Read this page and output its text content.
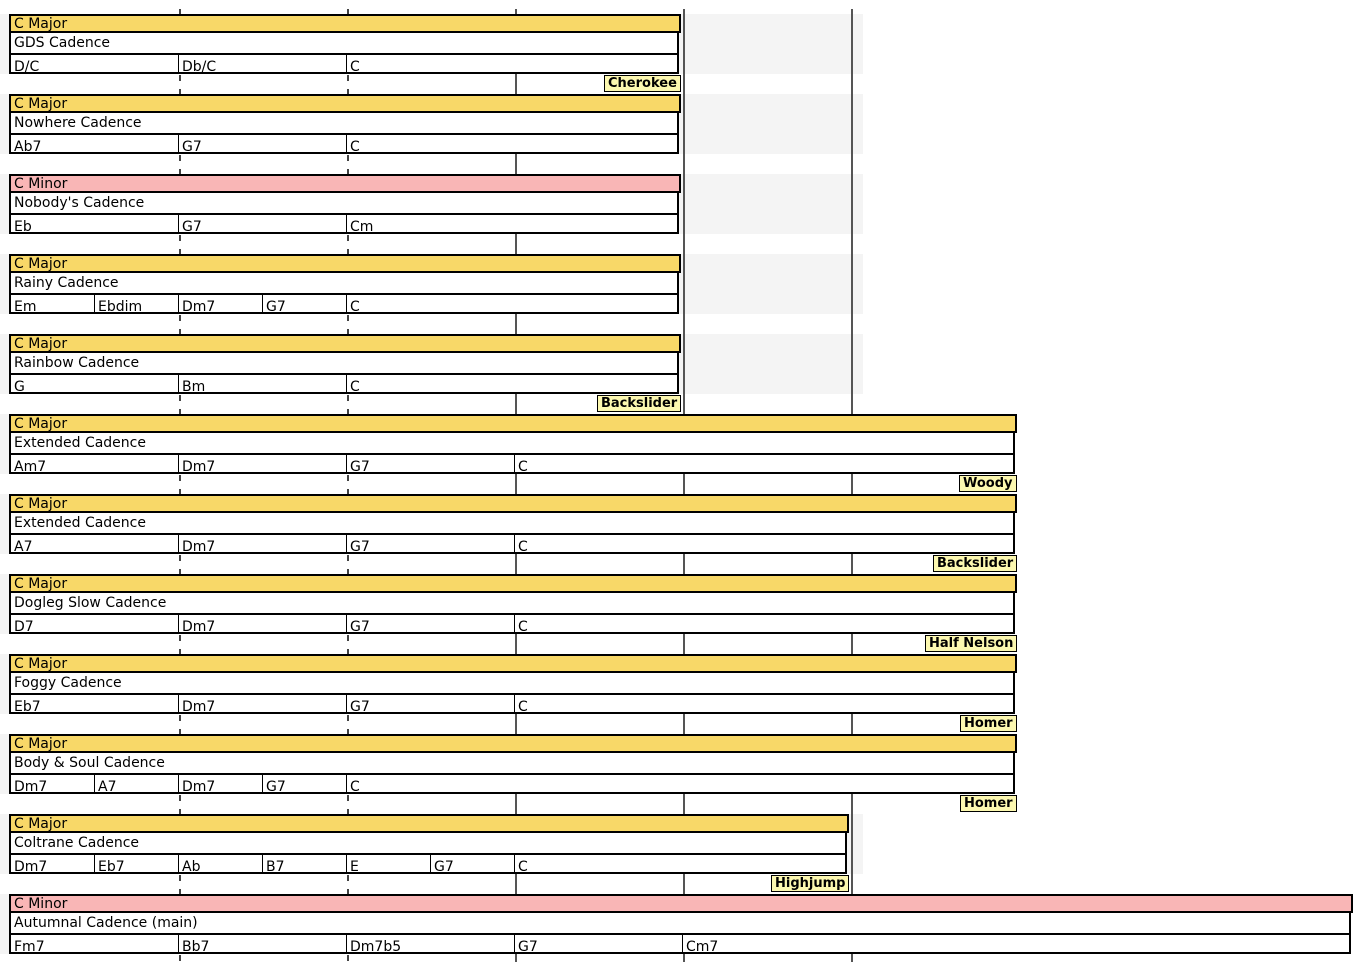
C Major
GDS Cadence
D/C	Db/C	C
Cherokee
C Major
Nowhere Cadence
Ab7	G7	C
C Minor
Nobody's Cadence
Eb	G7	Cm
C Major
Rainy Cadence
Em	Ebdim	Dm7	G7	C
C Major
Rainbow Cadence
G	Bm	C
Backslider
C Major
Extended Cadence
Am7	Dm7	G7	C
Woody
C Major
Extended Cadence
A7	Dm7	G7	C
Backslider
C Major
Dogleg Slow Cadence
D7	Dm7	G7	C
Half Nelson
C Major
Foggy Cadence
Eb7	Dm7	G7	C
Homer
C Major
Body & Soul Cadence
Dm7	A7	Dm7	G7	C
Homer
C Major
Coltrane Cadence
Dm7	Eb7	Ab	B7	E	G7	C
Highjump
C Minor
Autumnal Cadence (main)
Fm7	Bb7	Dm7b5	G7	Cm7
